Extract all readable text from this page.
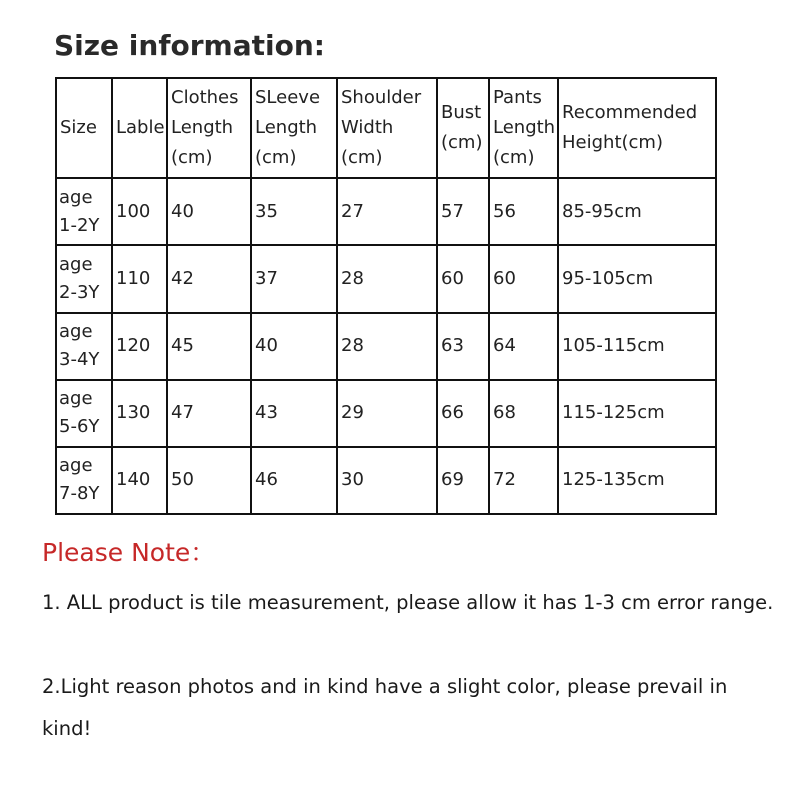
Size information:
Size	Lable	Clothes
Length
(cm)	SLeeve
Length
(cm)	Shoulder
Width
(cm)	Bust
(cm)	Pants
Length
(cm)	Recommended
Height(cm)
age
1-2Y	100	40	35	27	57	56	85-95cm
age
2-3Y	110	42	37	28	60	60	95-105cm
age
3-4Y	120	45	40	28	63	64	105-115cm
age
5-6Y	130	47	43	29	66	68	115-125cm
age
7-8Y	140	50	46	30	69	72	125-135cm
Please Note：
1. ALL product is tile measurement, please allow it has 1-3 cm error range.
2.Light reason photos and in kind have a slight color, please prevail in kind!
